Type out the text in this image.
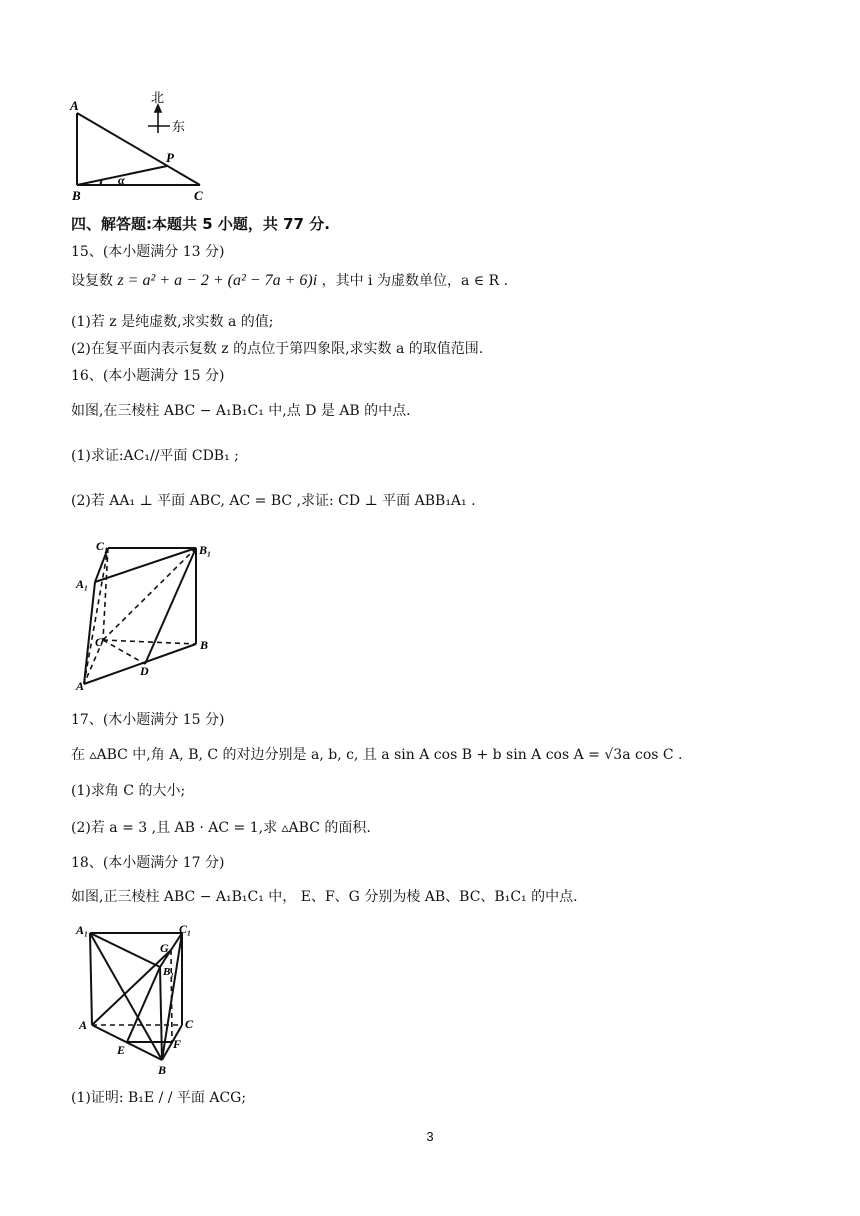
A
B	C
P
α
北
东
四、解答题:本题共 5 小题，共 77 分.
15、(本小题满分 13 分)
设复数 z = a² + a − 2 + (a² − 7a + 6)i ，其中 i 为虚数单位，a ∈ R .
(1)若 z 是纯虚数,求实数 a 的值;
(2)在复平面内表示复数 z 的点位于第四象限,求实数 a 的取值范围.
16、(本小题满分 15 分)
如图,在三棱柱 ABC − A₁B₁C₁ 中,点 D 是 AB 的中点.
(1)求证:AC₁//平面 CDB₁ ;
(2)若 AA₁ ⊥ 平面 ABC, AC = BC ,求证: CD ⊥ 平面 ABB₁A₁ .
C₁	B₁
A₁
C	B
D
A
17、(木小题满分 15 分)
在 ▵ABC 中,角 A, B, C 的对边分别是 a, b, c, 且 a sin A cos B + b sin A cos A = √3a cos C .
(1)求角 C 的大小;
(2)若 a = 3 ,且 AB · AC = 1,求 ▵ABC 的面积.
18、(本小题满分 17 分)
如图,正三棱柱 ABC − A₁B₁C₁ 中， E、F、G 分别为棱 AB、BC、B₁C₁ 的中点.
A₁	C₁
G
B₁
A	C
E	F
B
(1)证明: B₁E / / 平面 ACG;
3
